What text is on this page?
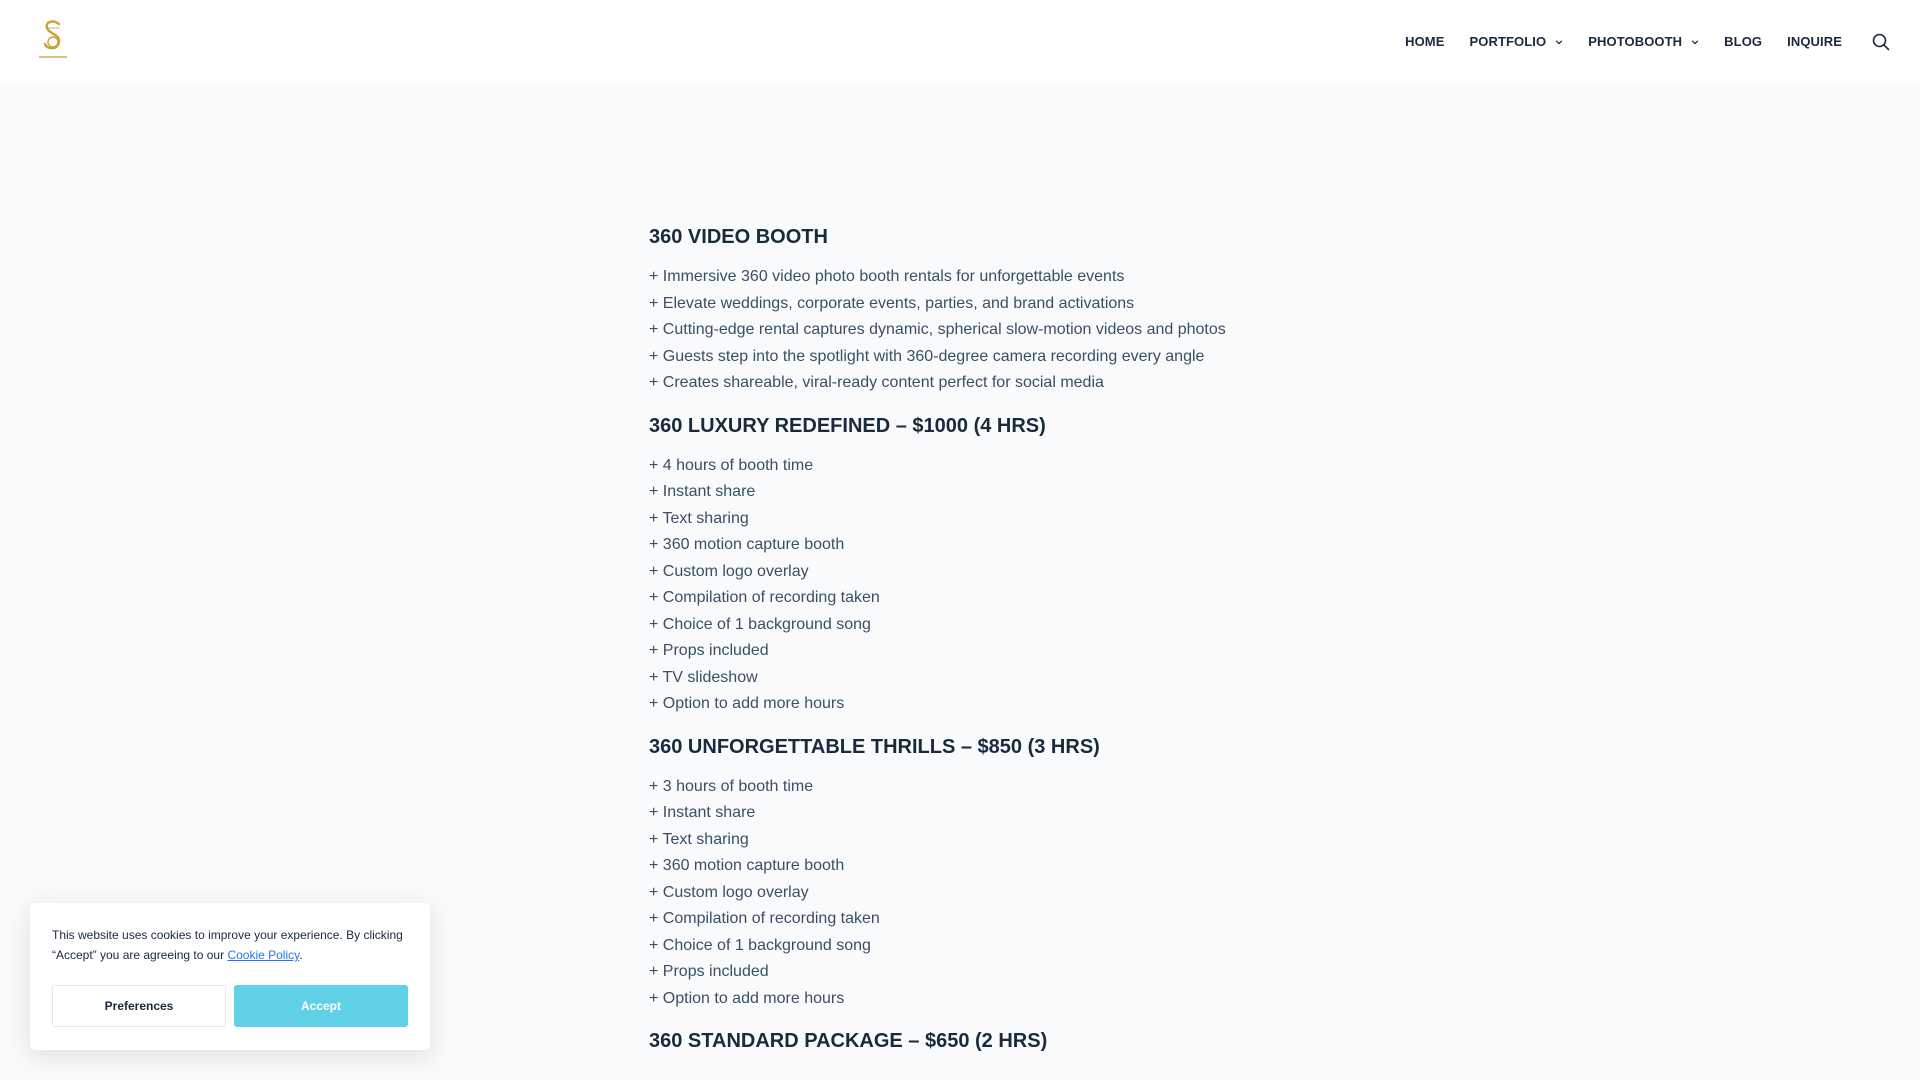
HOME PORTFOLIO	PHOTOBOOTH	BLOG INQUIRE
360 VIDEO BOOTH
+ Immersive 360 video photo booth rentals for unforgettable events
+ Elevate weddings, corporate events, parties, and brand activations
+ Cutting-edge rental captures dynamic, spherical slow-motion videos and photos
+ Guests step into the spotlight with 360-degree camera recording every angle
+ Creates shareable, viral-ready content perfect for social media
360 LUXURY REDEFINED – $1000 (4 HRS)
+ 4 hours of booth time
+ Instant share
+ Text sharing
+ 360 motion capture booth
+ Custom logo overlay
+ Compilation of recording taken
+ Choice of 1 background song
+ Props included
+ TV slideshow
+ Option to add more hours
360 UNFORGETTABLE THRILLS – $850 (3 HRS)
+ 3 hours of booth time
+ Instant share
+ Text sharing
+ 360 motion capture booth
+ Custom logo overlay
+ Compilation of recording taken
+ Choice of 1 background song
+ Props included
+ Option to add more hours
360 STANDARD PACKAGE – $650 (2 HRS)

This website uses cookies to improve your experience. By clicking “Accept” you are agreeing to our Cookie Policy.

Preferences	Accept
